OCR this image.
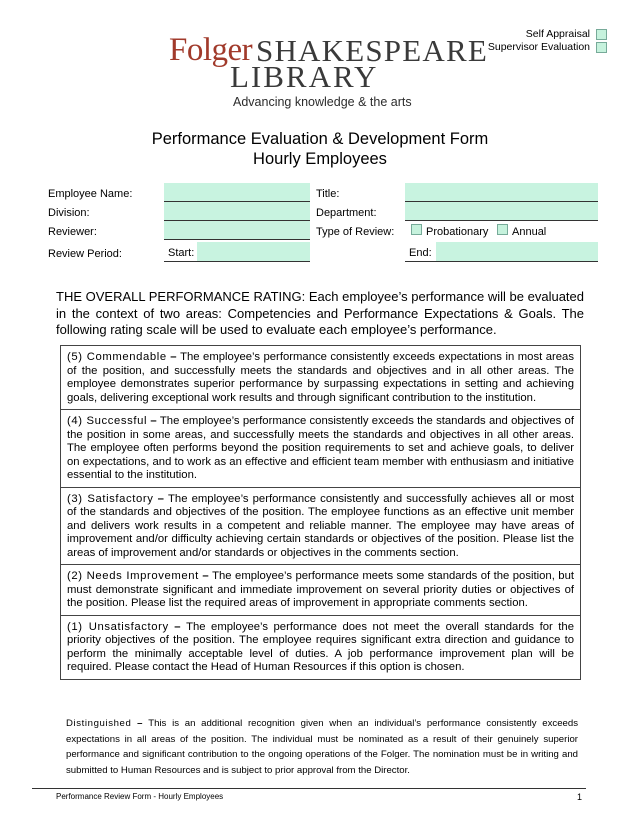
Self Appraisal
Supervisor Evaluation
Folger SHAKESPEARE
LIBRARY
Advancing knowledge & the arts
Performance Evaluation & Development Form
Hourly Employees
Employee Name:	Title:
Division:	Department:
Reviewer:	Type of Review:	Probationary Annual
Review Period:	Start:	End:
THE OVERALL PERFORMANCE RATING: Each employee’s performance will be evaluated in the context of two areas: Competencies and Performance Expectations & Goals. The following rating scale will be used to evaluate each employee’s performance.
(5) Commendable – The employee’s performance consistently exceeds expectations in most areas of the position, and successfully meets the standards and objectives and in all other areas. The employee demonstrates superior performance by surpassing expectations in setting and achieving goals, delivering exceptional work results and through significant contribution to the institution.
(4) Successful – The employee’s performance consistently exceeds the standards and objectives of the position in some areas, and successfully meets the standards and objectives in all other areas. The employee often performs beyond the position requirements to set and achieve goals, to deliver on expectations, and to work as an effective and efficient team member with enthusiasm and initiative essential to the institution.
(3) Satisfactory – The employee’s performance consistently and successfully achieves all or most of the standards and objectives of the position. The employee functions as an effective unit member and delivers work results in a competent and reliable manner. The employee may have areas of improvement and/or difficulty achieving certain standards or objectives of the position. Please list the areas of improvement and/or standards or objectives in the comments section.
(2) Needs Improvement – The employee’s performance meets some standards of the position, but must demonstrate significant and immediate improvement on several priority duties or objectives of the position. Please list the required areas of improvement in appropriate comments section.
(1) Unsatisfactory – The employee’s performance does not meet the overall standards for the priority objectives of the position. The employee requires significant extra direction and guidance to perform the minimally acceptable level of duties. A job performance improvement plan will be required. Please contact the Head of Human Resources if this option is chosen.
Distinguished – This is an additional recognition given when an individual’s performance consistently exceeds expectations in all areas of the position. The individual must be nominated as a result of their genuinely superior performance and significant contribution to the ongoing operations of the Folger. The nomination must be in writing and submitted to Human Resources and is subject to prior approval from the Director.
Performance Review Form - Hourly Employees	1
